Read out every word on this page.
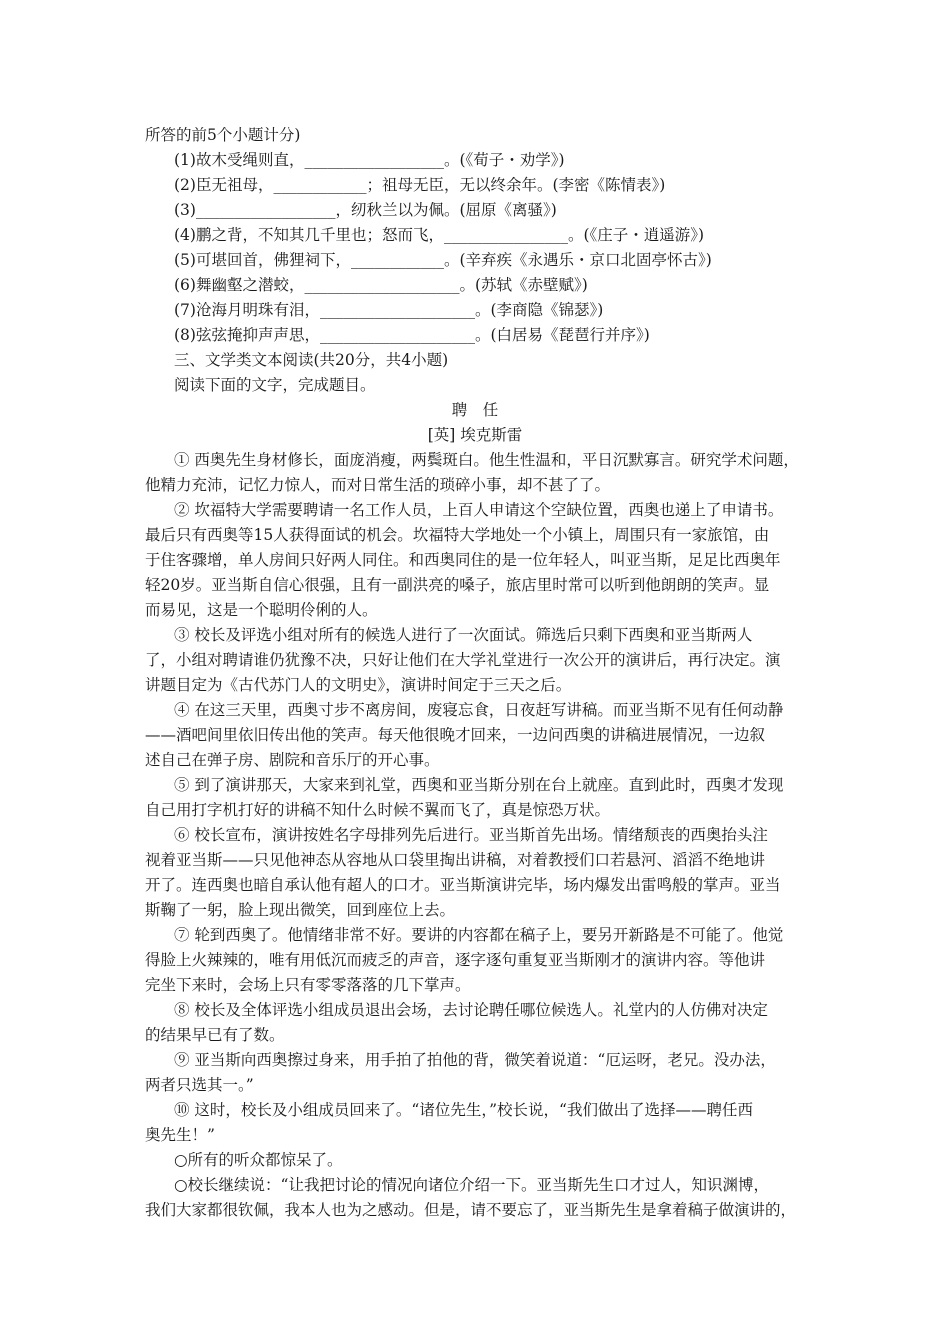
所答的前5个小题计分)
(1)故木受绳则直，__________________。(《荀子・劝学》)
(2)臣无祖母，____________；祖母无臣，无以终余年。(李密《陈情表》)
(3)__________________，纫秋兰以为佩。(屈原《离骚》)
(4)鹏之背，不知其几千里也；怒而飞，________________。(《庄子・逍遥游》)
(5)可堪回首，佛狸祠下，____________。(辛弃疾《永遇乐・京口北固亭怀古》)
(6)舞幽壑之潜蛟，____________________。(苏轼《赤壁赋》)
(7)沧海月明珠有泪，____________________。(李商隐《锦瑟》)
(8)弦弦掩抑声声思，____________________。(白居易《琵琶行并序》)
三、文学类文本阅读(共20分，共4小题)
阅读下面的文字，完成题目。
聘　任
[英] 埃克斯雷
① 西奥先生身材修长，面庞消瘦，两鬓斑白。他生性温和，平日沉默寡言。研究学术问题，
他精力充沛，记忆力惊人，而对日常生活的琐碎小事，却不甚了了。
② 坎福特大学需要聘请一名工作人员，上百人申请这个空缺位置，西奥也递上了申请书。
最后只有西奥等15人获得面试的机会。坎福特大学地处一个小镇上，周围只有一家旅馆，由
于住客骤增，单人房间只好两人同住。和西奥同住的是一位年轻人，叫亚当斯，足足比西奥年
轻20岁。亚当斯自信心很强，且有一副洪亮的嗓子，旅店里时常可以听到他朗朗的笑声。显
而易见，这是一个聪明伶俐的人。
③ 校长及评选小组对所有的候选人进行了一次面试。筛选后只剩下西奥和亚当斯两人
了，小组对聘请谁仍犹豫不决，只好让他们在大学礼堂进行一次公开的演讲后，再行决定。演
讲题目定为《古代苏门人的文明史》，演讲时间定于三天之后。
④ 在这三天里，西奥寸步不离房间，废寝忘食，日夜赶写讲稿。而亚当斯不见有任何动静
——酒吧间里依旧传出他的笑声。每天他很晚才回来，一边问西奥的讲稿进展情况，一边叙
述自己在弹子房、剧院和音乐厅的开心事。
⑤ 到了演讲那天，大家来到礼堂，西奥和亚当斯分别在台上就座。直到此时，西奥才发现
自己用打字机打好的讲稿不知什么时候不翼而飞了，真是惊恐万状。
⑥ 校长宣布，演讲按姓名字母排列先后进行。亚当斯首先出场。情绪颓丧的西奥抬头注
视着亚当斯——只见他神态从容地从口袋里掏出讲稿，对着教授们口若悬河、滔滔不绝地讲
开了。连西奥也暗自承认他有超人的口才。亚当斯演讲完毕，场内爆发出雷鸣般的掌声。亚当
斯鞠了一躬，脸上现出微笑，回到座位上去。
⑦ 轮到西奥了。他情绪非常不好。要讲的内容都在稿子上，要另开新路是不可能了。他觉
得脸上火辣辣的，唯有用低沉而疲乏的声音，逐字逐句重复亚当斯刚才的演讲内容。等他讲
完坐下来时，会场上只有零零落落的几下掌声。
⑧ 校长及全体评选小组成员退出会场，去讨论聘任哪位候选人。礼堂内的人仿佛对决定
的结果早已有了数。
⑨ 亚当斯向西奥擦过身来，用手拍了拍他的背，微笑着说道：“厄运呀，老兄。没办法，
两者只选其一。”
⑩ 这时，校长及小组成员回来了。“诸位先生，”校长说，“我们做出了选择——聘任西
奥先生！”
○所有的听众都惊呆了。
○校长继续说：“让我把讨论的情况向诸位介绍一下。亚当斯先生口才过人，知识渊博，
我们大家都很钦佩，我本人也为之感动。但是，请不要忘了，亚当斯先生是拿着稿子做演讲的，
